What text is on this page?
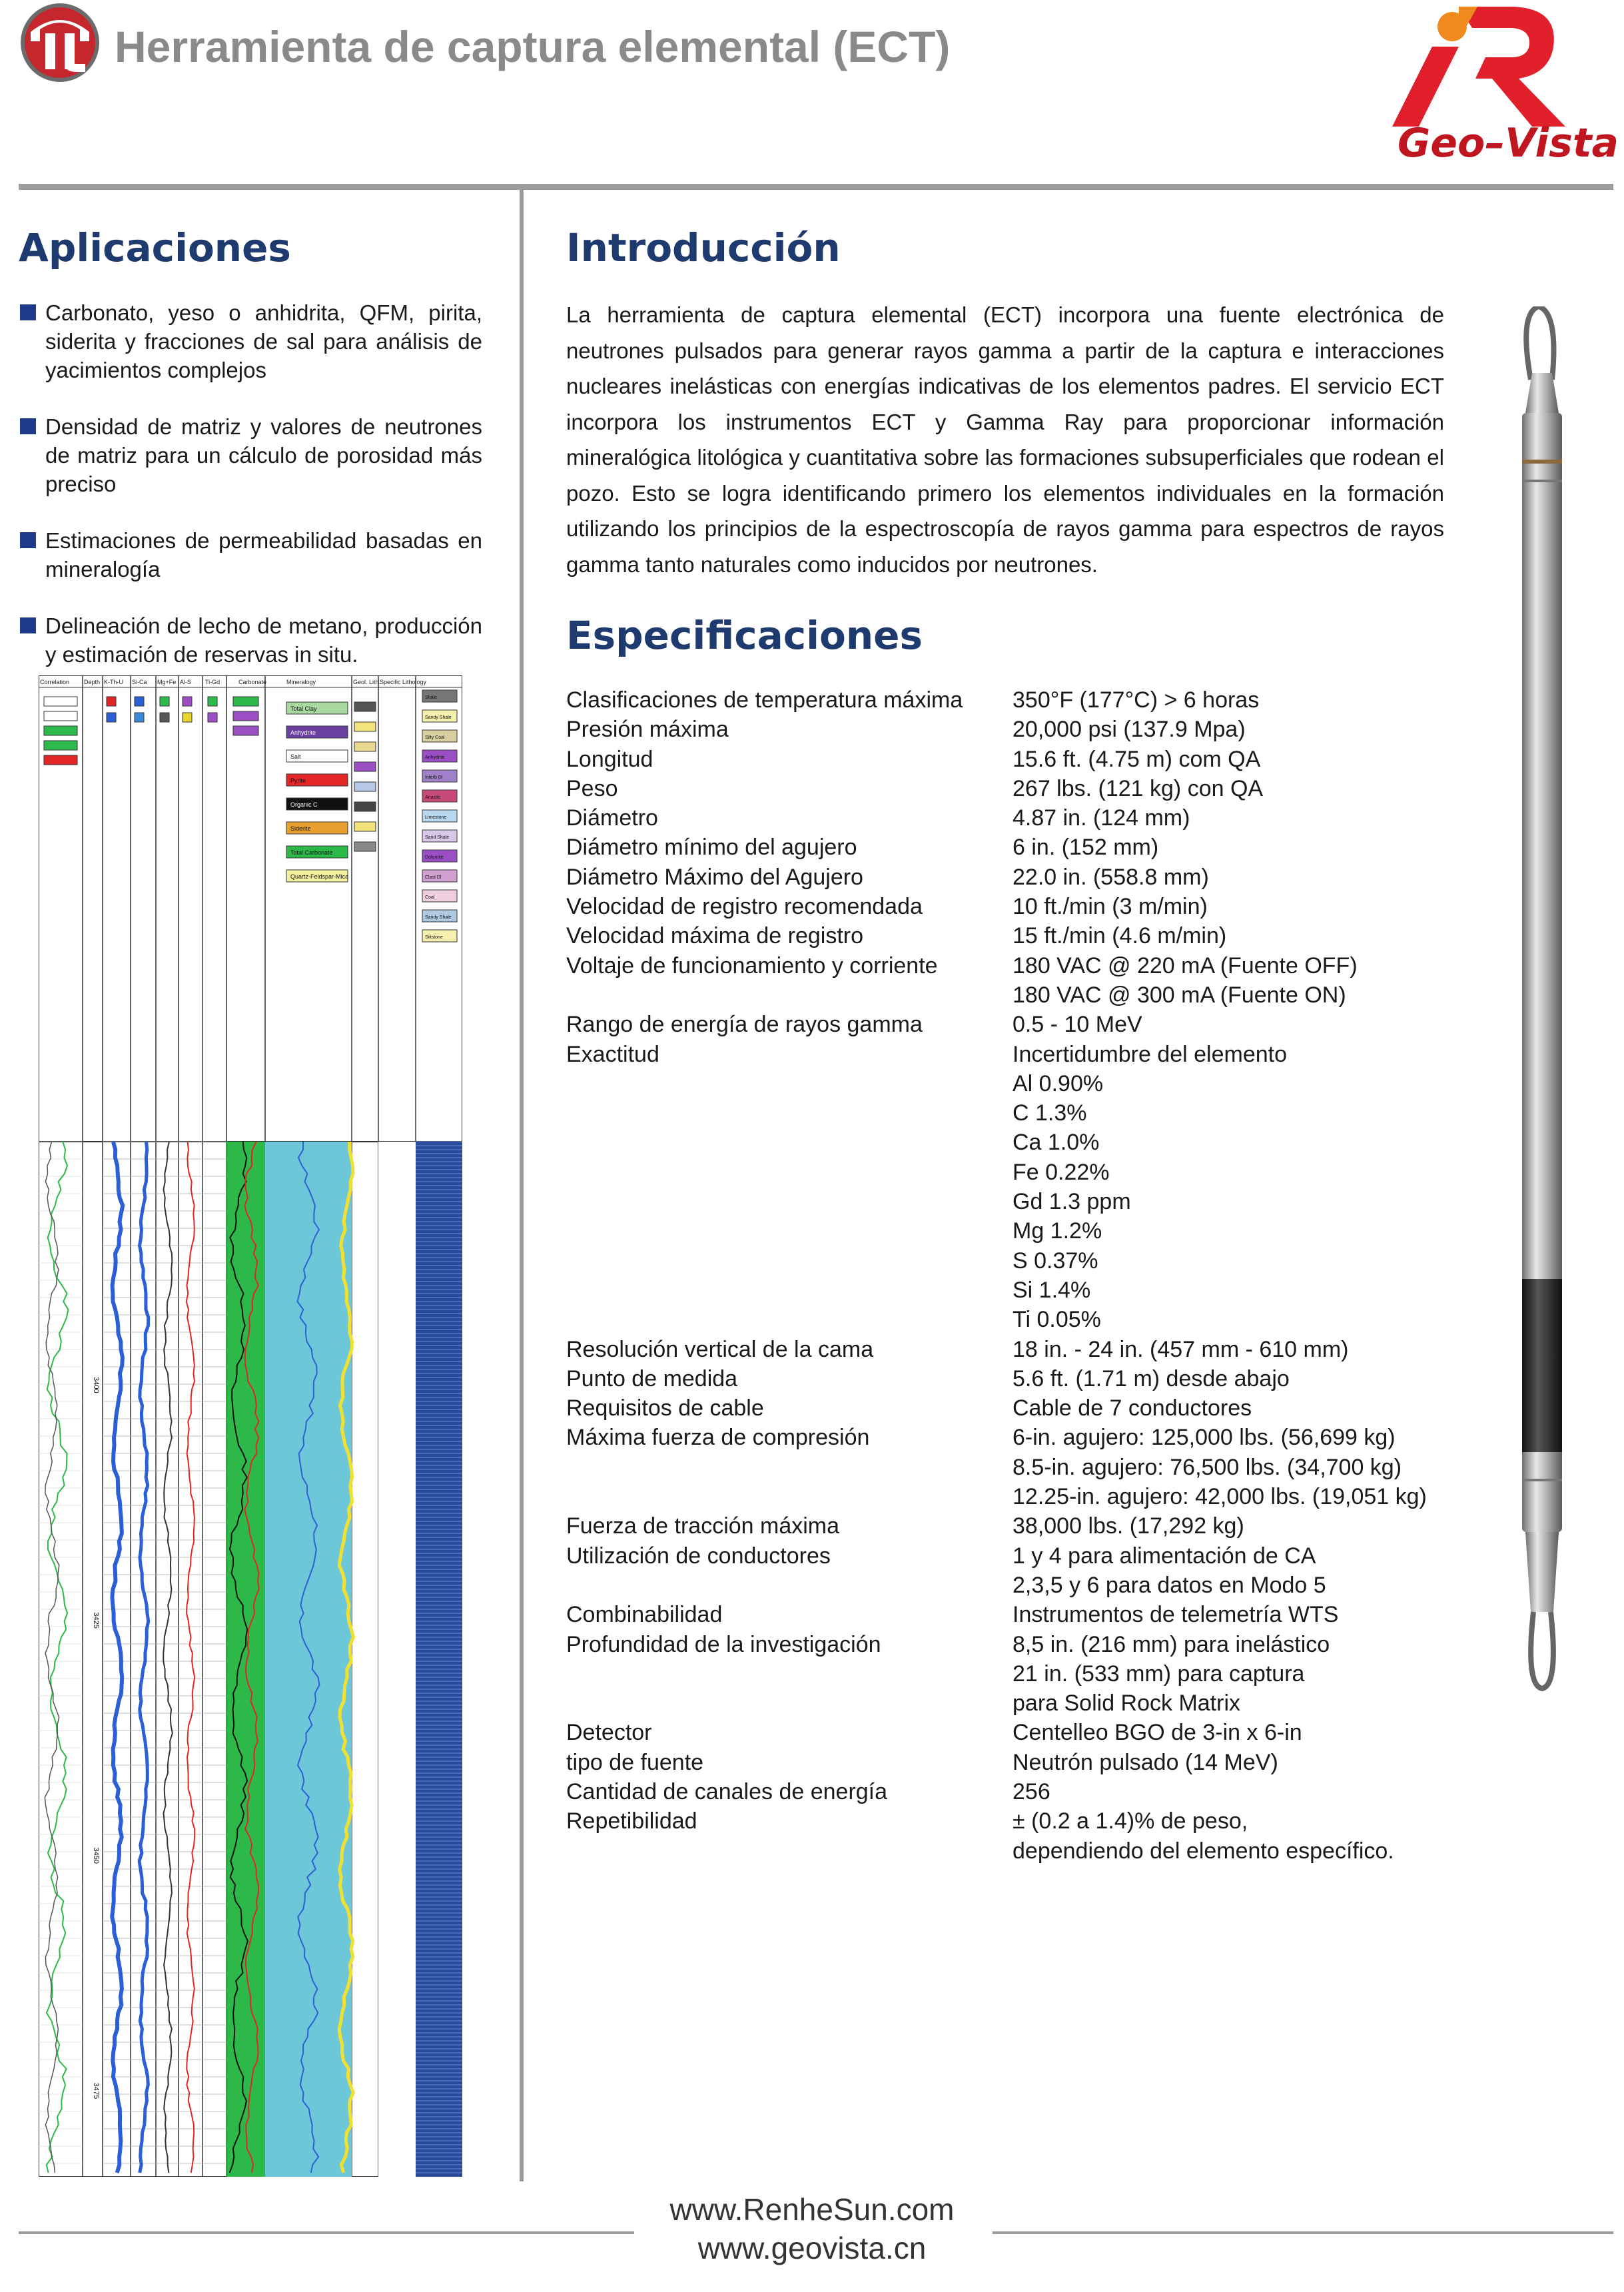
Herramienta de captura elemental (ECT)
Geo–Vista
Aplicaciones
Carbonato, yeso o anhidrita, QFM, pirita, siderita y fracciones de sal para análisis de yacimientos complejos
Densidad de matriz y valores de neutrones de matriz para un cálculo de porosidad más preciso
Estimaciones de permeabilidad basadas en mineralogía
Delineación de lecho de metano, producción y estimación de reservas in situ.
Correlation Depth K-Th-U Si-Ca Mg+Fe Al-S Ti-Gd	Carbonate	Mineralogy	Geol. Lith.
Specific Lithology
Total Clay
Anhydrite
Salt
Pyrite
Organic C
Siderite
Total Carbonate
Quartz-Feldspar-Mica
Shale
Sandy Shale
Silty Coal
Anhydrite
Interb Dl
Anastic
Limestone
Sand Shale
Dolomite
Clast Dl
Coal
Sandy Shale
Siltstone
3400
3425
3450
3475
Introducción
La herramienta de captura elemental (ECT) incorpora una fuente electrónica de neutrones pulsados para generar rayos gamma a partir de la captura e interacciones nucleares inelásticas con energías indicativas de los elementos padres. El servicio ECT incorpora los instrumentos ECT y Gamma Ray para proporcionar información mineralógica litológica y cuantitativa sobre las formaciones subsuperficiales que rodean el pozo. Esto se logra identificando primero los elementos individuales en la formación utilizando los principios de la espectroscopía de rayos gamma para espectros de rayos gamma tanto naturales como inducidos por neutrones.
Especificaciones
Clasificaciones de temperatura máxima	350°F (177°C) > 6 horas
Presión máxima	20,000 psi (137.9 Mpa)
Longitud	15.6 ft. (4.75 m) com QA
Peso	267 lbs. (121 kg) con QA
Diámetro	4.87 in. (124 mm)
Diámetro mínimo del agujero	6 in. (152 mm)
Diámetro Máximo del Agujero	22.0 in. (558.8 mm)
Velocidad de registro recomendada	10 ft./min (3 m/min)
Velocidad máxima de registro	15 ft./min (4.6 m/min)
Voltaje de funcionamiento y corriente	180 VAC @ 220 mA (Fuente OFF)
180 VAC @ 300 mA (Fuente ON)
Rango de energía de rayos gamma	0.5 - 10 MeV
Exactitud	Incertidumbre del elemento
Al 0.90%
C 1.3%
Ca 1.0%
Fe 0.22%
Gd 1.3 ppm
Mg 1.2%
S 0.37%
Si 1.4%
Ti 0.05%
Resolución vertical de la cama	18 in. - 24 in. (457 mm - 610 mm)
Punto de medida	5.6 ft. (1.71 m) desde abajo
Requisitos de cable	Cable de 7 conductores
Máxima fuerza de compresión	6-in. agujero: 125,000 lbs. (56,699 kg)
8.5-in. agujero: 76,500 lbs. (34,700 kg)
12.25-in. agujero: 42,000 lbs. (19,051 kg)
Fuerza de tracción máxima	38,000 lbs. (17,292 kg)
Utilización de conductores	1 y 4 para alimentación de CA
2,3,5 y 6 para datos en Modo 5
Combinabilidad	Instrumentos de telemetría WTS
Profundidad de la investigación	8,5 in. (216 mm) para inelástico
21 in. (533 mm) para captura
para Solid Rock Matrix
Detector	Centelleo BGO de 3-in x 6-in
tipo de fuente	Neutrón pulsado (14 MeV)
Cantidad de canales de energía	256
Repetibilidad	± (0.2 a 1.4)% de peso,
dependiendo del elemento específico.
www.RenheSun.com
www.geovista.cn
